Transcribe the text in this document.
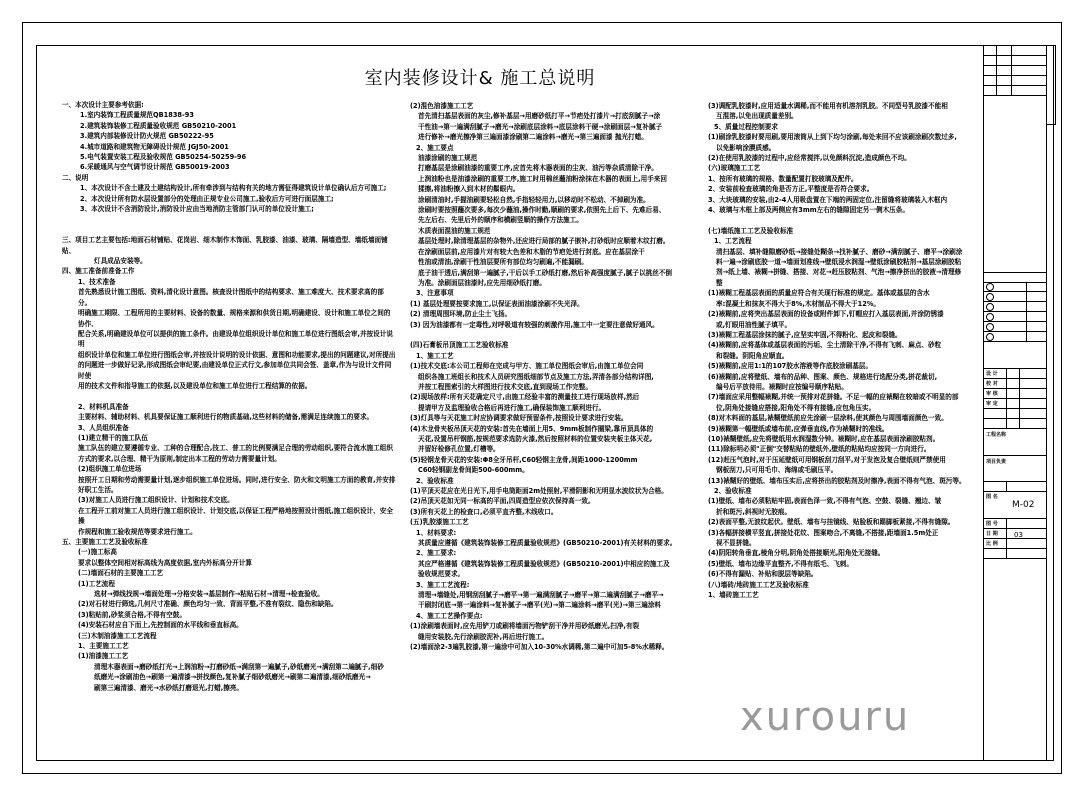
室内装修设计& 施工总说明
一、本次设计主要参考依据:
1.室内装饰工程质量规范QB1838-93
2.建筑装饰装修工程质量验收规范 GB50210-2001
3.建筑内部装修设计防火规范 GB50222-95
4.城市道路和建筑物无障碍设计规范 JGJ50-2001
5.电气装置安装工程及验收规范 GB50254-50259-96
6.采暖通风与空气调节设计规范 GB50019-2003
二、说明
1、本次设计不含土建及土建结构设计,所有牵涉到与结构有关的地方需征得建筑设计单位确认后方可施工;
2、本次设计所有防水层设置部分的处理由正规专业公司施工,验收后方可进行面层施工;
3、本次设计不含消防设计,消防设计应由当地消防主管部门认可的单位设计施工;
三、项目工艺主要包括:地面石材铺贴、花岗岩、细木制作木饰面、乳胶漆、油漆、玻璃、隔墙造型、墙纸墙面铺贴、
灯具成品安装等。
四、施工准备前准备工作
1、技术准备
首先熟悉设计施工图纸、资料,清化设计意图。核查设计图纸中的结构要求、施工难度大、技术要求高的部分。
明确施工期限、工程所用的主要材料、设备的数量、规格来源和供货日期,明确建设、设计和施工单位之间的协作、
配合关系,明确建设单位可以提供的施工条件。由建设单位组织设计单位和施工单位进行图纸会审,并按设计说明
组织设计单位和施工单位进行图纸会审,并按设计说明的设计依据、意图和功能要求,提出的问题建议,对所提出
的问题进一步做好记录,形成图纸会审纪要,由建设单位正式行文,参加单位共同会签、盖章,作为与设计文件同时使
用的技术文件和指导施工的依据,以及建设单位和施工单位进行工程结算的依据。
2、材料机具准备
主要材料、辅助材料、机具要保证施工顺利进行的物质基础,这些材料的储备,需满足连续施工的要求。
3、人员组织准备
(1)建立精干的施工队伍
施工队伍的建立要遵循专业、工种的合理配合,技工、普工的比例要满足合理的劳动组织,要符合流水施工组织
方式的要求,以合理、精干为原则,制定出本工程的劳动力需要量计划。
(2)组织施工单位进场
按照开工日期和劳动需要量计划,逐步组织施工单位进场。同时,进行安全、防火和文明施工方面的教育,并安排
好职工生活。
(3)对施工人员进行施工组织设计、计划和技术交底。
在工程开工前对施工人员进行施工组织设计、计划交底,以保证工程严格地按照设计图纸,施工组织设计、安全操
作规程和施工验收规范等要求进行施工。
五、主要施工工艺及验收标准
(一)施工标高
要求以整体空间相对标高线为高度依据,室内外标高分开计算
(二)墙面石材的主要施工工艺
(1)工艺流程
选材→弹线找规→墙面处理→分格安装→基层制作→粘贴石材→清理→检查验收。
(2)对石材进行筛选,几何尺寸准确、颜色均匀一致、背面平整,不准有裂纹、隐伤和缺陷。
(3)粘贴前,砂浆须合格,不得有空鼓。
(4)安装石材应自下而上,先控制面的水平线和垂直标高。
(三)木制油漆施工工艺流程
1、主要施工工艺
(1)油漆施工工艺
清理木器表面→磨砂纸打光→上润油粉→打磨砂纸→满刮第一遍腻子,砂纸磨光→满刮第二遍腻子,细砂
纸磨光→涂刷油色→刷第一遍清漆→拼找颜色,复补腻子细砂纸磨光→刷第二遍清漆,细砂纸磨光→
刷第三遍清漆、磨光→水砂纸打磨退光,打蜡,擦亮。
(2)混色油漆施工工艺
首先清扫基层表面的灰尘,修补基层→用磨砂纸打平→节疤处打漆片→打底刮腻子→涂
干性油→第一遍满刮腻子→磨光→涂刷底层涂料→底层涂料干硬→涂刷面层→复补腻子
进行修补→磨光擦净第三遍面漆涂刷第二遍涂料→磨光→第三遍面漆 抛光打蜡。
2、施工要点
油漆涂刷的施工规范
打磨基层是涂刷油漆的重要工序,应首先将木器表面的尘灰、油污等杂质清除干净。
上润油粉也是油漆涂刷的重要工序,施工时用棉丝蘸油粉涂抹在木器的表面上,用手来回
揉擦,将油粉擦入到木材的鬃眼内。
涂刷清油时,手握油刷要轻松自然,手指轻轻用力,以移动时不松动、不掉刷为准。
涂刷时要按照蘸次要多,每次少蘸油,操作时勤,顺刷的要求,依照先上后下、先难后易、
先左后右、先里后外的顺序和横刷竖顺的操作方法施工。
木质表面混油的施工规范
基层处理时,除清理基层的杂物外,还应进行局部的腻子嵌补,打砂纸时应顺着木纹打磨。
在涂刷面层前,应用漆片对有较大色差和木脂的节疤处进行封底。应在基层涂干
性油或清油,涂刷干性油层要所有部位均匀刷遍,不能漏刷。
底子油干透后,满刮第一遍腻子,干后以手工砂纸打磨,然后补高强度腻子,腻子以挑丝不倒
为准。涂刷面层油漆时,应先用细砂纸打磨。
3、注意事项
(1) 基层处理要按要求施工,以保证表面油漆涂刷不失光泽。
(2) 清理周围环境,防止尘土飞扬。
(3) 因为油漆都有一定毒性,对呼吸道有较强的刺激作用,施工中一定要注意做好通风。
(四)石膏板吊顶施工工艺验收标准
1、施工工艺
(1)技术交底:本公司工程师在完成与甲方、施工单位图纸会审后,由施工单位会同
组织各施工班组长和技术人员研究图纸细部节点及施工方法,弄清各部分结构详图,
并按工程图索引的大样图进行技术交底,直到现场工作完整。
(2)现场放样:所有天花确定尺寸,由施工经验丰富的测量技工进行现场放样,然后
提请甲方及监理验收合格后再进行施工,确保装饰施工顺利进行。
(3)灯具等与天花施工时应协调要求做好预留条件,按照设计要求进行安装。
(4)木龙骨夹板吊顶天花的安装:首先在墙面上用5、9mm板制作圈梁,靠吊顶具体的
天花,设置吊杆钢筋,按规范要求选防火漆,然后按照材料的位置安装夹板主体天花,
并留好检修孔位置,灯槽等。
(5)轻钢龙骨天花的安装:Φ8全牙吊杆,C60轻钢主龙骨,间距1000-1200mm
C60轻钢副龙骨间距500-600mm。
2、验收标准
(1)平顶天花应在光日光下,用手电筒距面2m处照射,平滑阴影和无明显水波纹状为合格。
(2)吊顶天花如无同一标高的平面,四周造型应依次保持高一致。
(3)所有天花上的检查口,必须平直齐整,木线收口。
(五)乳胶漆施工工艺
1、材料要求:
其质量应遵循《建筑装饰装修工程质量验收规范》(GB50210-2001)有关材料的要求。
2、施工要求:
其应严格遵循《建筑装饰装修工程质量验收规范》(GB50210-2001)中相应的施工及
验收规范要求。
3、施工工艺流程:
清理→墙缝处,用钢刮刮腻子→磨平→第一遍满刮腻子→磨平→第二遍满刮腻子→磨平→
干刷封闭底→第一遍涂料→复补腻子→磨平(光)→第二遍涂料→磨平(光)→第三遍涂料
4、施工工艺操作要点:
(1)涂刷墙表面时,应先用铲刀或刷将墙面污物铲刮干净并用砂纸磨光,扫净,有裂
缝用安装胶,先行涂刷胶泥补,再后进行施工。
(2)墙面涂2-3遍乳胶漆,第一遍涂中可加入10-30%水调稀,第二遍中可加5-8%水稀释。
(3)调配乳胶漆时,应用适量水调稀,而不能用有机溶剂乳胶。不同型号乳胶漆不能相
互混溶,以免出现质量差别。
5、质量过程控制要求
(1)刷涂乳胶漆时要用刷,要用滚筒从上到下均匀涂刷,每处来回不应该刷涂刷次数过多,
以免影响涂膜质感。
(2)在使用乳胶漆的过程中,应经常搅拌,以免颜料沉淀,造成颜色不均。
(六)玻璃施工工艺
1、按所有玻璃的规格、数量配置打胶玻璃及配件。
2、安装前检查玻璃的角是否方正,平整度是否符合要求。
3、大块玻璃的安装,由2-4人用吸盘置在下端的两固定位,注留缝将玻璃装入木框内
4、玻璃与木框上部及两侧应有3mm左右的缝隙固定另一侧木压条。
(七)墙纸施工工艺及验收标准
1、工艺流程
清扫基层、填补缝隙磨砂纸→接缝处糊条→找补腻子、磨砂→满刮腻子、磨平→涂刷涂
料一遍→涂刷底胶一道→墙面划准线→壁纸浸水润湿→壁纸涂刷胶粘剂→基层涂刷胶粘
剂→纸上墙、裱糊→拼缝、搭接、对花→赶压胶粘剂、气泡→擦净挤出的胶液→清理修
整
(1)裱糊工程基层表面的质量应符合有关现行标准的规定。基体或基层的含水
率:混凝土和抹灰不得大于8%,木材制品不得大于12%。
(2)裱糊前,应将突出基层表面的设备或附件卸下,钉帽应打入基层表面,并涂防锈漆
或,钉眼用油性腻子填平。
(3)裱糊工程基层涂抹的腻子,应坚实牢固,不得粉化、起皮和裂缝。
(4)裱糊前,应将基体或基层表面的污垢、尘土清除干净,不得有飞刺、麻点、砂粒
和裂缝。阴阳角应顺直。
(5)裱糊前,应用1:1的107胶水溶液等作底胶涂刷基层。
(6)裱糊前,应将壁纸、墙布的品种、图案、颜色、规格进行选配分类,拼花裁切,
编号后平放待用。裱糊时应按编号顺序粘贴。
(7)墙面应采用整幅裱糊,并统一预排对花拼缝。不足一幅的应裱糊在较暗或不明显的部
位,阴角处接缝应搭接,阳角处不得有接缝,应包角压实。
(8)对木料面的基层,裱糊壁纸前应先涂刷一层涂料,使其颜色与周围墙面颜色一致。
(9)裱糊第一幅壁纸或墙布前,应弹垂直线,作为裱糊时的准线。
(10)裱糊壁纸,应先将壁纸用水润湿数分钟。裱糊时,应在基层表面涂刷胶粘剂。
(11)除标明必须"正倒"交替粘贴的壁纸外,壁纸的粘贴均应按同一方向进行。
(12)赶压气泡时,对于压延壁纸可用钢板刮刀刮平,对于发泡及复合壁纸则严禁使用
钢板刮刀,只可用毛巾、海绵或毛刷压平。
(13)裱糊好的壁纸、墙布压实后,应将挤出的胶粘剂及时擦净,表面不得有气泡、斑污等。
2、验收标准
(1)壁纸、墙布必须粘贴牢固,表面色泽一致,不得有气泡、空鼓、裂缝、翘边、皱
折和斑污,斜视时无胶痕。
(2)表面平整,无波纹起伏。壁纸、墙布与挂镜线、贴脸板和踢脚板紧接,不得有缝隙。
(3)各幅拼接横平竖直,拼接处花纹、图案吻合,不离缝,不搭接,距墙面1.5m处正
视不显拼缝。
(4)阴阳转角垂直,棱角分明,阴角处搭接顺光,阳角处无接缝。
(5)壁纸、墙布边缘平直整齐,不得有纸毛、飞刺。
(6)不得有漏贴、补贴和脱层等缺陷。
(八)墙砖/地砖施工工艺及验收标准
1、墙砖施工工艺
xurouru
设 计
校 对
审 核
审 定
图 号
日 期
比 例
图 名
工程名称
项目负责
M-02
03
